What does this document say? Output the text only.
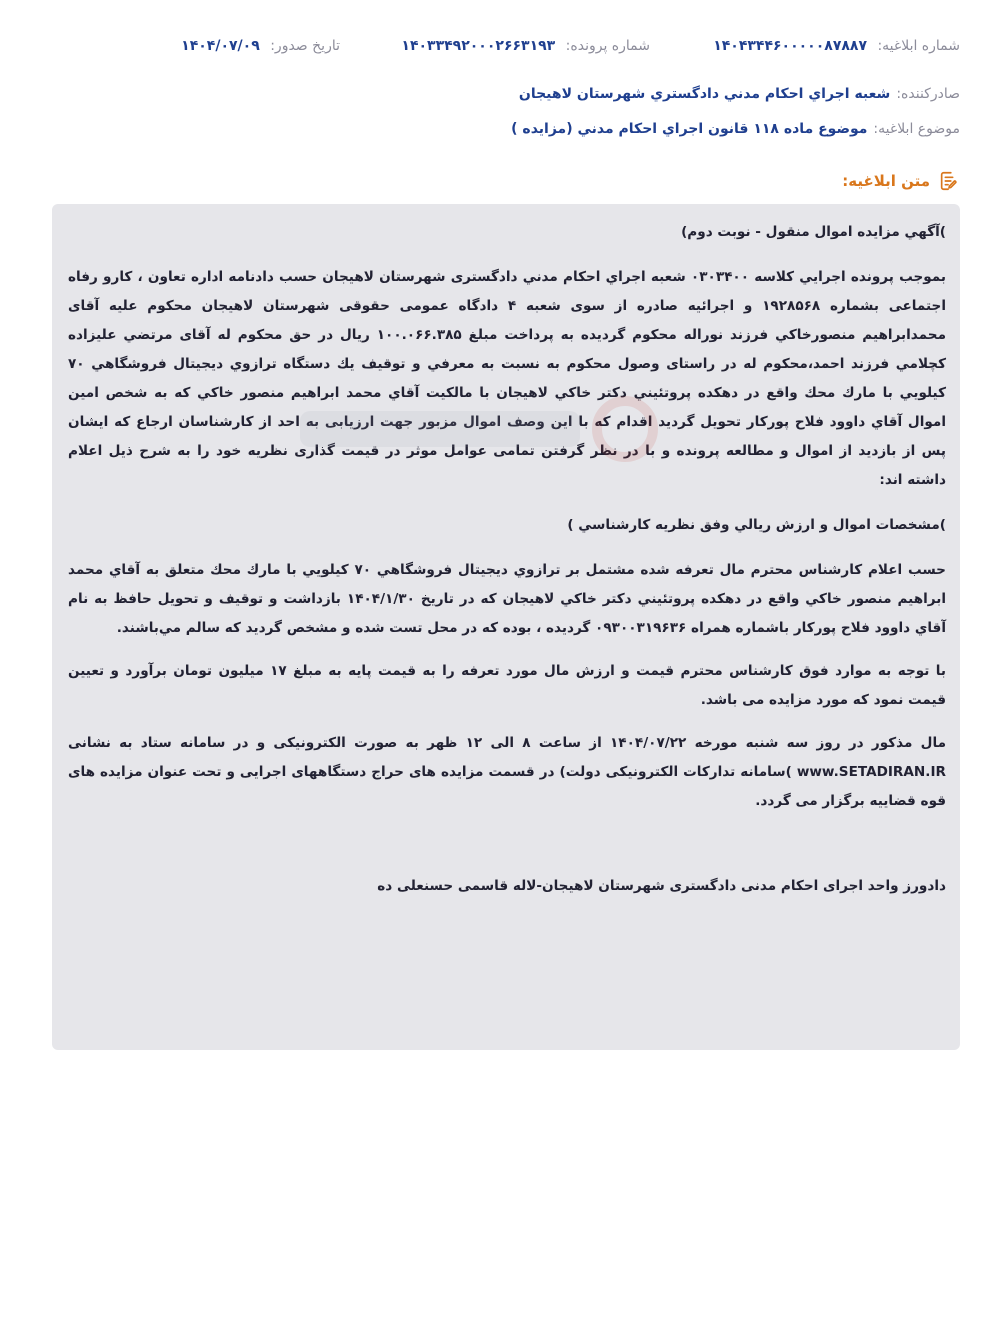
شماره ابلاغیه: ۱۴۰۴۳۴۴۶۰۰۰۰۰۸۷۸۸۷
شماره پرونده: ۱۴۰۳۳۴۹۲۰۰۰۲۶۶۳۱۹۳
تاریخ صدور: ۱۴۰۴/۰۷/۰۹
صادرکننده:
شعبه اجراي احكام مدني دادگستري شهرستان لاهيجان
موضوع ابلاغیه:
موضوع ماده ۱۱۸ قانون اجراي احكام مدني (مزايده )
متن ابلاغیه:

)آگهي مزايده اموال منقول - نوبت دوم)

بموجب پرونده اجرايي كلاسه ۰۳۰۳۴۰۰ شعبه اجراي احكام مدني دادگستری شهرستان لاهيجان حسب دادنامه اداره تعاون ، کارو رفاه اجتماعی بشماره ۱۹۲۸۵۶۸ و اجرائیه صادره از سوی شعبه ۴ دادگاه عمومی حقوقی شهرستان لاهیجان محکوم علیه آقای محمدابراهیم منصورخاکي فرزند نوراله محکوم گرديده به پرداخت مبلغ ۱۰۰.۰۶۶.۳۸۵ ريال در حق محکوم له آقای مرتضي عليزاده كچلامي فرزند احمد،محكوم له در راستای وصول محكوم به نسبت به معرفي و توقيف يك دستگاه ترازوي ديجيتال فروشگاهي ۷۰ كيلويي با مارك محك واقع در دهكده پروتئيني دكتر خاكي لاهيجان با مالكيت آقاي محمد ابراهيم منصور خاكي كه به شخص امين اموال آقاي داوود فلاح پوركار تحويل گرديد اقدام كه با اين وصف اموال مزبور جهت ارزيابی به احد از کارشناسان ارجاع که ایشان پس از بازدید از اموال و مطالعه پرونده و با در نظر گرفتن تمامی عوامل موثر در قیمت گذاری نظریه خود را به شرح ذیل اعلام داشته اند:

)مشخصات اموال و ارزش ريالي وفق نظريه كارشناسي )

حسب اعلام كارشناس محترم مال تعرفه شده مشتمل بر ترازوي ديجيتال فروشگاهي ۷۰ كيلويي با مارك محك متعلق به آقاي محمد ابراهيم منصور خاكي واقع در دهكده پروتئيني دكتر خاكي لاهيجان كه در تاريخ ۱۴۰۴/۱/۳۰ بازداشت و توقيف و تحويل حافظ به نام آقاي داوود فلاح پوركار باشماره همراه ۰۹۳۰۰۳۱۹۶۳۶ گرديده ، بوده كه در محل تست شده و مشخص گرديد كه سالم مي‌باشند.

با توجه به موارد فوق كارشناس محترم قيمت و ارزش مال مورد تعرفه را به قيمت پايه به مبلغ ۱۷ ميليون تومان برآورد و تعيين قيمت نمود كه مورد مزايده می باشد.

مال مذكور در روز سه شنبه مورخه ۱۴۰۴/۰۷/۲۲ از ساعت ۸ الی ۱۲ ظهر به صورت الکترونیکی و در سامانه ستاد به نشانی www.SETADIRAN.IR )سامانه تدارکات الکترونیکی دولت) در قسمت مزایده های حراج دستگاههای اجرایی و تحت عنوان مزایده های قوه قضاییه برگزار می گردد.

دادورز واحد اجرای احکام مدنی دادگستری شهرستان لاهيجان-لاله قاسمی حسنعلی ده
